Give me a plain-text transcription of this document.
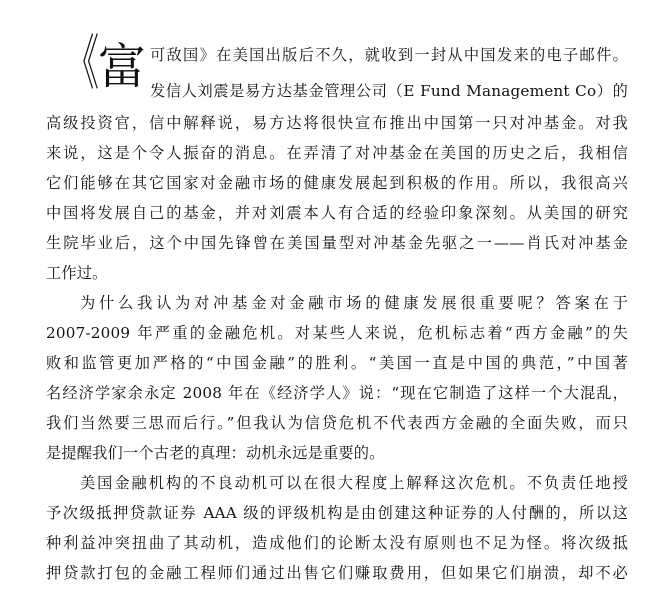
《 富 可敌国》在美国出版后不久，就收到一封从中国发来的电子邮件。
发信人刘震是易方达基金管理公司（E Fund Management Co）的
高级投资官，信中解释说，易方达将很快宣布推出中国第一只对冲基金。对我
来说，这是个令人振奋的消息。在弄清了对冲基金在美国的历史之后，我相信
它们能够在其它国家对金融市场的健康发展起到积极的作用。所以，我很高兴
中国将发展自己的基金，并对刘震本人有合适的经验印象深刻。从美国的研究
生院毕业后，这个中国先锋曾在美国量型对冲基金先驱之一——肖氏对冲基金
工作过。
为什么我认为对冲基金对金融市场的健康发展很重要呢？答案在于
2007-2009 年严重的金融危机。对某些人来说，危机标志着“西方金融”的失
败和监管更加严格的“中国金融”的胜利。“美国一直是中国的典范，”中国著
名经济学家余永定 2008 年在《经济学人》说：“现在它制造了这样一个大混乱，
我们当然要三思而后行。”但我认为信贷危机不代表西方金融的全面失败，而只
是提醒我们一个古老的真理：动机永远是重要的。
美国金融机构的不良动机可以在很大程度上解释这次危机。不负责任地授
予次级抵押贷款证券 AAA 级的评级机构是由创建这种证券的人付酬的，所以这
种利益冲突扭曲了其动机，造成他们的论断太没有原则也不足为怪。将次级抵
押贷款打包的金融工程师们通过出售它们赚取费用，但如果它们崩溃，却不必
